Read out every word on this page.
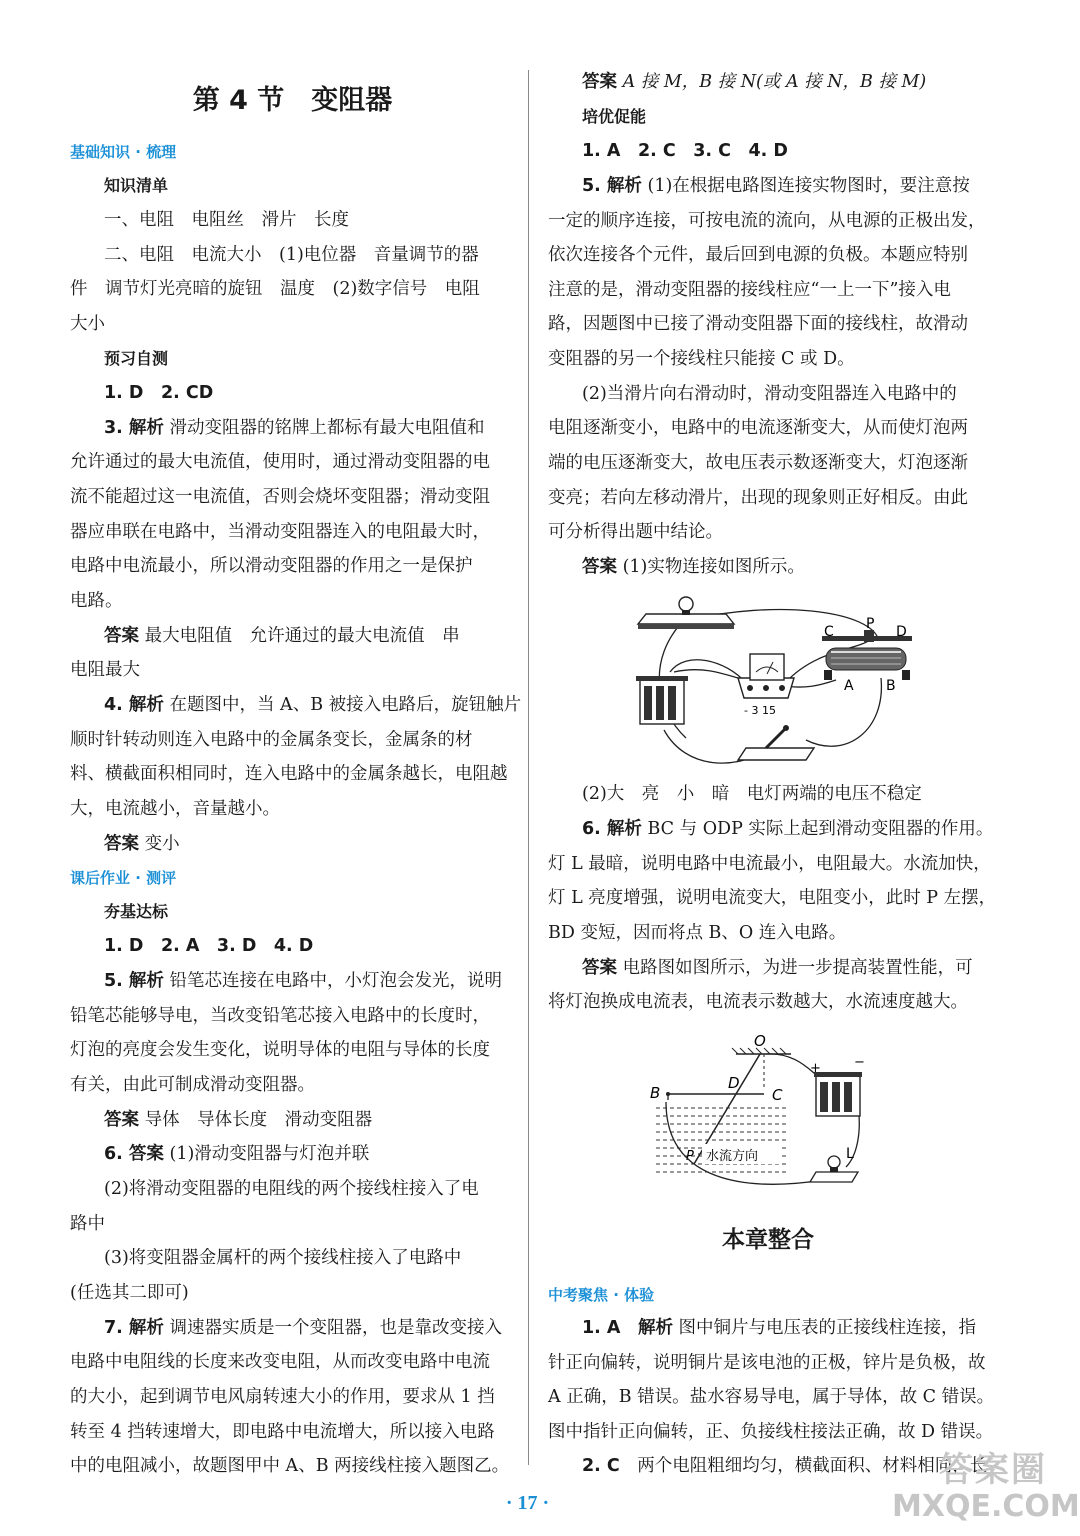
第 4 节　变阻器
基础知识 · 梳理
知识清单
一、电阻　电阻丝　滑片　长度
二、电阻　电流大小　(1)电位器　音量调节的器
件　调节灯光亮暗的旋钮　温度　(2)数字信号　电阻
大小
预习自测
1. D　2. CD
3. 解析 滑动变阻器的铭牌上都标有最大电阻值和
允许通过的最大电流值，使用时，通过滑动变阻器的电
流不能超过这一电流值，否则会烧坏变阻器；滑动变阻
器应串联在电路中，当滑动变阻器连入的电阻最大时，
电路中电流最小，所以滑动变阻器的作用之一是保护
电路。
答案 最大电阻值　允许通过的最大电流值　串
电阻最大
4. 解析 在题图中，当 A、B 被接入电路后，旋钮触片
顺时针转动则连入电路中的金属条变长，金属条的材
料、横截面积相同时，连入电路中的金属条越长，电阻越
大，电流越小，音量越小。
答案 变小
课后作业 · 测评
夯基达标
1. D　2. A　3. D　4. D
5. 解析 铅笔芯连接在电路中，小灯泡会发光，说明
铅笔芯能够导电，当改变铅笔芯接入电路中的长度时，
灯泡的亮度会发生变化，说明导体的电阻与导体的长度
有关，由此可制成滑动变阻器。
答案 导体　导体长度　滑动变阻器
6. 答案 (1)滑动变阻器与灯泡并联
(2)将滑动变阻器的电阻线的两个接线柱接入了电
路中
(3)将变阻器金属杆的两个接线柱接入了电路中
(任选其二即可)
7. 解析 调速器实质是一个变阻器，也是靠改变接入
电路中电阻线的长度来改变电阻，从而改变电路中电流
的大小，起到调节电风扇转速大小的作用，要求从 1 挡
转至 4 挡转速增大，即电路中电流增大，所以接入电路
中的电阻减小，故题图甲中 A、B 两接线柱接入题图乙。
答案 A 接 M，B 接 N(或 A 接 N，B 接 M)
培优促能
1. A　2. C　3. C　4. D
5. 解析 (1)在根据电路图连接实物图时，要注意按
一定的顺序连接，可按电流的流向，从电源的正极出发，
依次连接各个元件，最后回到电源的负极。本题应特别
注意的是，滑动变阻器的接线柱应“一上一下”接入电
路，因题图中已接了滑动变阻器下面的接线柱，故滑动
变阻器的另一个接线柱只能接 C 或 D。
(2)当滑片向右滑动时，滑动变阻器连入电路中的
电阻逐渐变小，电路中的电流逐渐变大，从而使灯泡两
端的电压逐渐变大，故电压表示数逐渐变大，灯泡逐渐
变亮；若向左移动滑片，出现的现象则正好相反。由此
可分析得出题中结论。
答案 (1)实物连接如图所示。
C P D
A B
- 3 15
(2)大　亮　小　暗　电灯两端的电压不稳定
6. 解析 BC 与 ODP 实际上起到滑动变阻器的作用。
灯 L 最暗，说明电路中电流最小，电阻最大。水流加快，
灯 L 亮度增强，说明电流变大，电阻变小，此时 P 左摆，
BD 变短，因而将点 B、O 连入电路。
答案 电路图如图所示，为进一步提高装置性能，可
将灯泡换成电流表，电流表示数越大，水流速度越大。
O
B
D
C
水流方向
P
+	−
L
本章整合
中考聚焦 · 体验
1. A　 解析 图中铜片与电压表的正接线柱连接，指
针正向偏转，说明铜片是该电池的正极，锌片是负极，故
A 正确，B 错误。盐水容易导电，属于导体，故 C 错误。
图中指针正向偏转，正、负接线柱接法正确，故 D 错误。
2. C　 两个电阻粗细均匀，横截面积、材料相同，长
· 17 ·
答案圈
MXQE.COM
